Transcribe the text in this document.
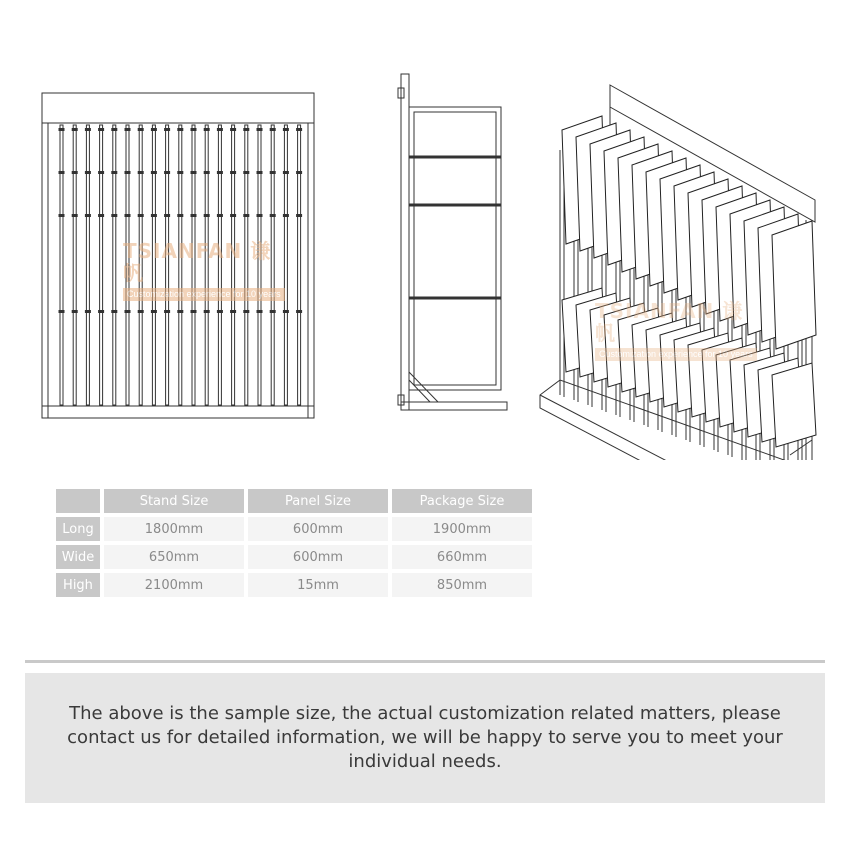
TSIANFAN 谦帆
Customization experience for 10 years
TSIANFAN 谦帆
Customization experience for 10 years
	Stand Size	Panel Size	Package Size
Long	1800mm	600mm	1900mm
Wide	650mm	600mm	660mm
High	2100mm	15mm	850mm

The above is the sample size, the actual customization related matters, please contact us for detailed information, we will be happy to serve you to meet your individual needs.
